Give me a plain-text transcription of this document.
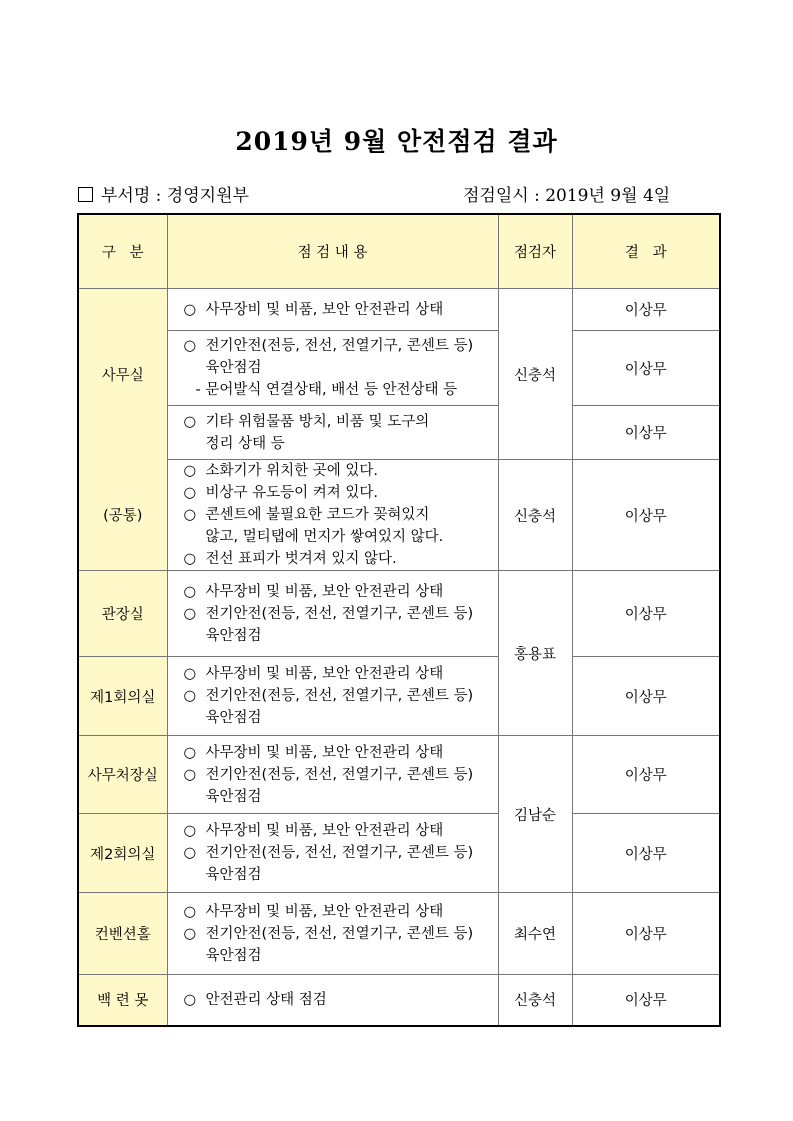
2019년 9월 안전점검 결과
부서명 : 경영지원부	점검일시 : 2019년 9월 4일
구   분	점 검 내 용	점검자	결   과
사무실	○ 사무장비 및 비품, 보안 안전관리 상태	신충석	이상무

	○ 전기안전(전등, 전선, 전열기구, 콘센트 등)
육안점검
- 문어발식 연결상태, 배선 등 안전상태 등		이상무

	○ 기타 위험물품 방치, 비품 및 도구의
정리 상태 등		이상무
(공통)	○ 소화기가 위치한 곳에 있다.
○ 비상구 유도등이 켜져 있다.
○ 콘센트에 불필요한 코드가 꽂혀있지
않고, 멀티탭에 먼지가 쌓여있지 않다.
○ 전선 표피가 벗겨져 있지 않다.	신충석	이상무
관장실	○ 사무장비 및 비품, 보안 안전관리 상태
○ 전기안전(전등, 전선, 전열기구, 콘센트 등)
육안점검	홍용표	이상무
제1회의실	○ 사무장비 및 비품, 보안 안전관리 상태
○ 전기안전(전등, 전선, 전열기구, 콘센트 등)
육안점검		이상무
사무처장실	○ 사무장비 및 비품, 보안 안전관리 상태
○ 전기안전(전등, 전선, 전열기구, 콘센트 등)
육안점검	김남순	이상무
제2회의실	○ 사무장비 및 비품, 보안 안전관리 상태
○ 전기안전(전등, 전선, 전열기구, 콘센트 등)
육안점검		이상무
컨벤션홀	○ 사무장비 및 비품, 보안 안전관리 상태
○ 전기안전(전등, 전선, 전열기구, 콘센트 등)
육안점검	최수연	이상무
백 련 못	○ 안전관리 상태 점검	신충석	이상무
